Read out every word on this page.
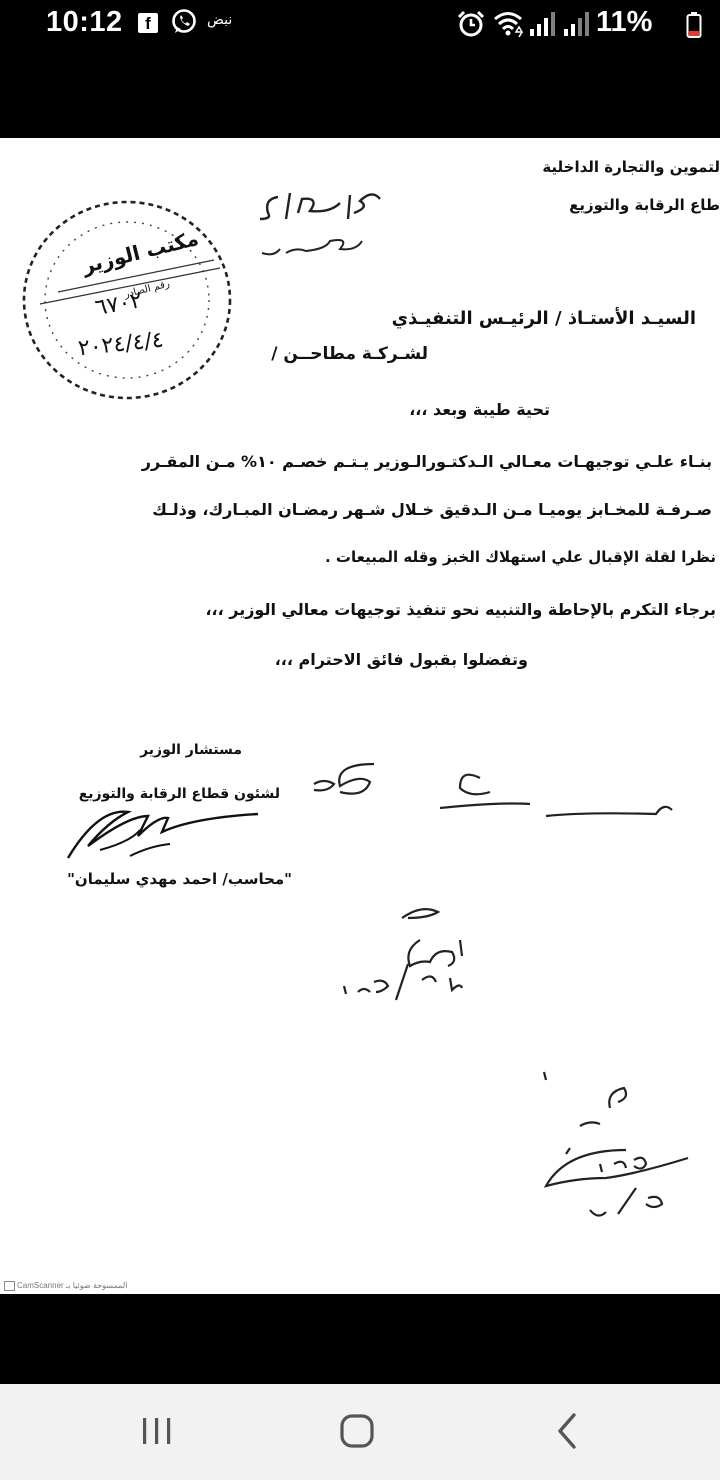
10:12	f	نبض	11%
لتموين والتجارة الداخلية
طاع الرقابة والتوزيع
مكتب الوزير
رقم الصادر
٦٧٠٢
٢٠٢٤/٤/٤
السيـد الأستـاذ / الرئيـس التنفيـذي
لشـركـة مطاحــن /
تحية طيبة وبعد ،،،
بنـاء علـي توجيهـات معـالي الـدكتـورالـوزير يـتـم خصـم ١٠% مـن المقـرر
صـرفـة للمخـابز يوميـا مـن الـدقيق خـلال شـهر رمضـان المبـارك، وذلـك
نظرا لقلة الإقبال علي استهلاك الخبز وقله المبيعات .
برجاء التكرم بالإحاطة والتنبيه نحو تنفيذ توجيهات معالي الوزير ،،،
وتفضلوا بقبول فائق الاحترام ،،،
مستشار الوزير
لشئون قطاع الرقابة والتوزيع
"محاسب/ احمد مهدي سليمان"
CamScanner الممسوحة ضوئيا بـ
